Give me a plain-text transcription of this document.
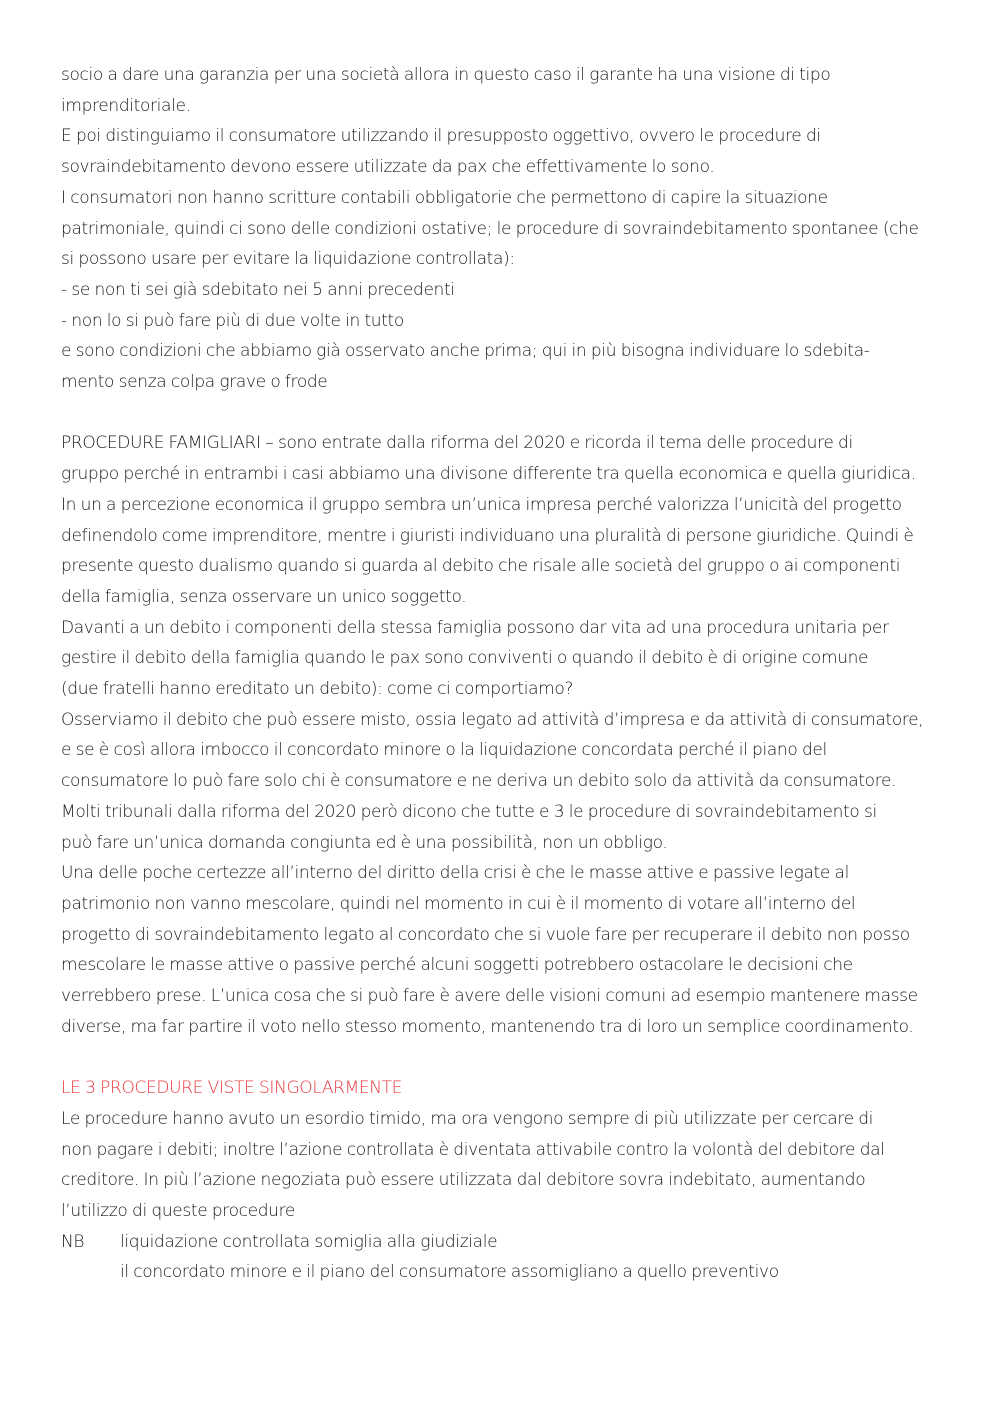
socio a dare una garanzia per una società allora in questo caso il garante ha una visione di tipo
imprenditoriale.
E poi distinguiamo il consumatore utilizzando il presupposto oggettivo, ovvero le procedure di
sovraindebitamento devono essere utilizzate da pax che effettivamente lo sono.
I consumatori non hanno scritture contabili obbligatorie che permettono di capire la situazione
patrimoniale, quindi ci sono delle condizioni ostative; le procedure di sovraindebitamento spontanee (che
si possono usare per evitare la liquidazione controllata):
- se non ti sei già sdebitato nei 5 anni precedenti
- non lo si può fare più di due volte in tutto
e sono condizioni che abbiamo già osservato anche prima; qui in più bisogna individuare lo sdebita-
mento senza colpa grave o frode
PROCEDURE FAMIGLIARI – sono entrate dalla riforma del 2020 e ricorda il tema delle procedure di
gruppo perché in entrambi i casi abbiamo una divisone differente tra quella economica e quella giuridica.
In un a percezione economica il gruppo sembra un’unica impresa perché valorizza l’unicità del progetto
definendolo come imprenditore, mentre i giuristi individuano una pluralità di persone giuridiche. Quindi è
presente questo dualismo quando si guarda al debito che risale alle società del gruppo o ai componenti
della famiglia, senza osservare un unico soggetto.
Davanti a un debito i componenti della stessa famiglia possono dar vita ad una procedura unitaria per
gestire il debito della famiglia quando le pax sono conviventi o quando il debito è di origine comune
(due fratelli hanno ereditato un debito): come ci comportiamo?
Osserviamo il debito che può essere misto, ossia legato ad attività d’impresa e da attività di consumatore,
e se è così allora imbocco il concordato minore o la liquidazione concordata perché il piano del
consumatore lo può fare solo chi è consumatore e ne deriva un debito solo da attività da consumatore.
Molti tribunali dalla riforma del 2020 però dicono che tutte e 3 le procedure di sovraindebitamento si
può fare un’unica domanda congiunta ed è una possibilità, non un obbligo.
Una delle poche certezze all’interno del diritto della crisi è che le masse attive e passive legate al
patrimonio non vanno mescolare, quindi nel momento in cui è il momento di votare all’interno del
progetto di sovraindebitamento legato al concordato che si vuole fare per recuperare il debito non posso
mescolare le masse attive o passive perché alcuni soggetti potrebbero ostacolare le decisioni che
verrebbero prese. L’unica cosa che si può fare è avere delle visioni comuni ad esempio mantenere masse
diverse, ma far partire il voto nello stesso momento, mantenendo tra di loro un semplice coordinamento.
LE 3 PROCEDURE VISTE SINGOLARMENTE
Le procedure hanno avuto un esordio timido, ma ora vengono sempre di più utilizzate per cercare di
non pagare i debiti; inoltre l’azione controllata è diventata attivabile contro la volontà del debitore dal
creditore. In più l’azione negoziata può essere utilizzata dal debitore sovra indebitato, aumentando
l’utilizzo di queste procedure
NB	liquidazione controllata somiglia alla giudiziale
il concordato minore e il piano del consumatore assomigliano a quello preventivo
